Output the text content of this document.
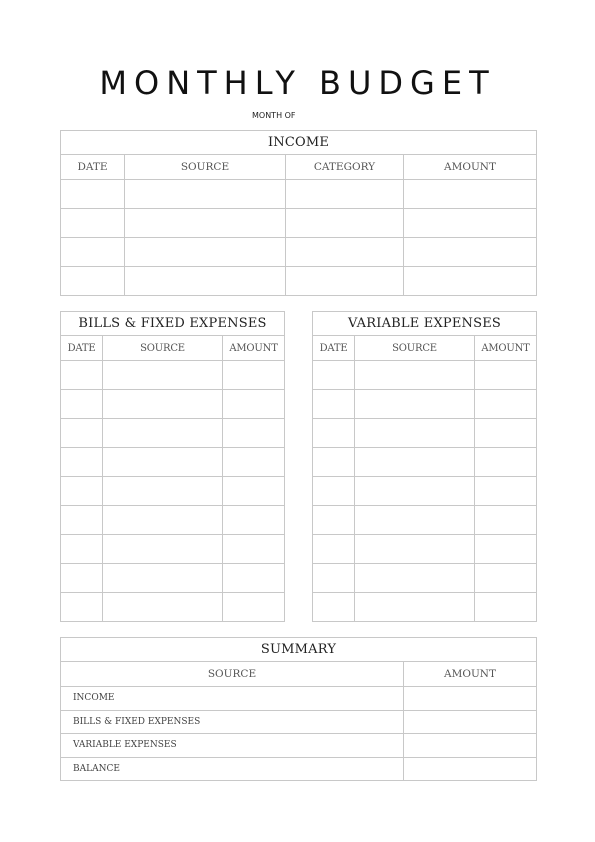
MONTHLY BUDGET
MONTH OF
INCOME			
DATE	SOURCE	CATEGORY	AMOUNT

BILLS & FIXED EXPENSES		
DATE	SOURCE	AMOUNT

VARIABLE EXPENSES		
DATE	SOURCE	AMOUNT

SUMMARY	
SOURCE	AMOUNT
INCOME	
BILLS & FIXED EXPENSES	
VARIABLE EXPENSES	
BALANCE	
